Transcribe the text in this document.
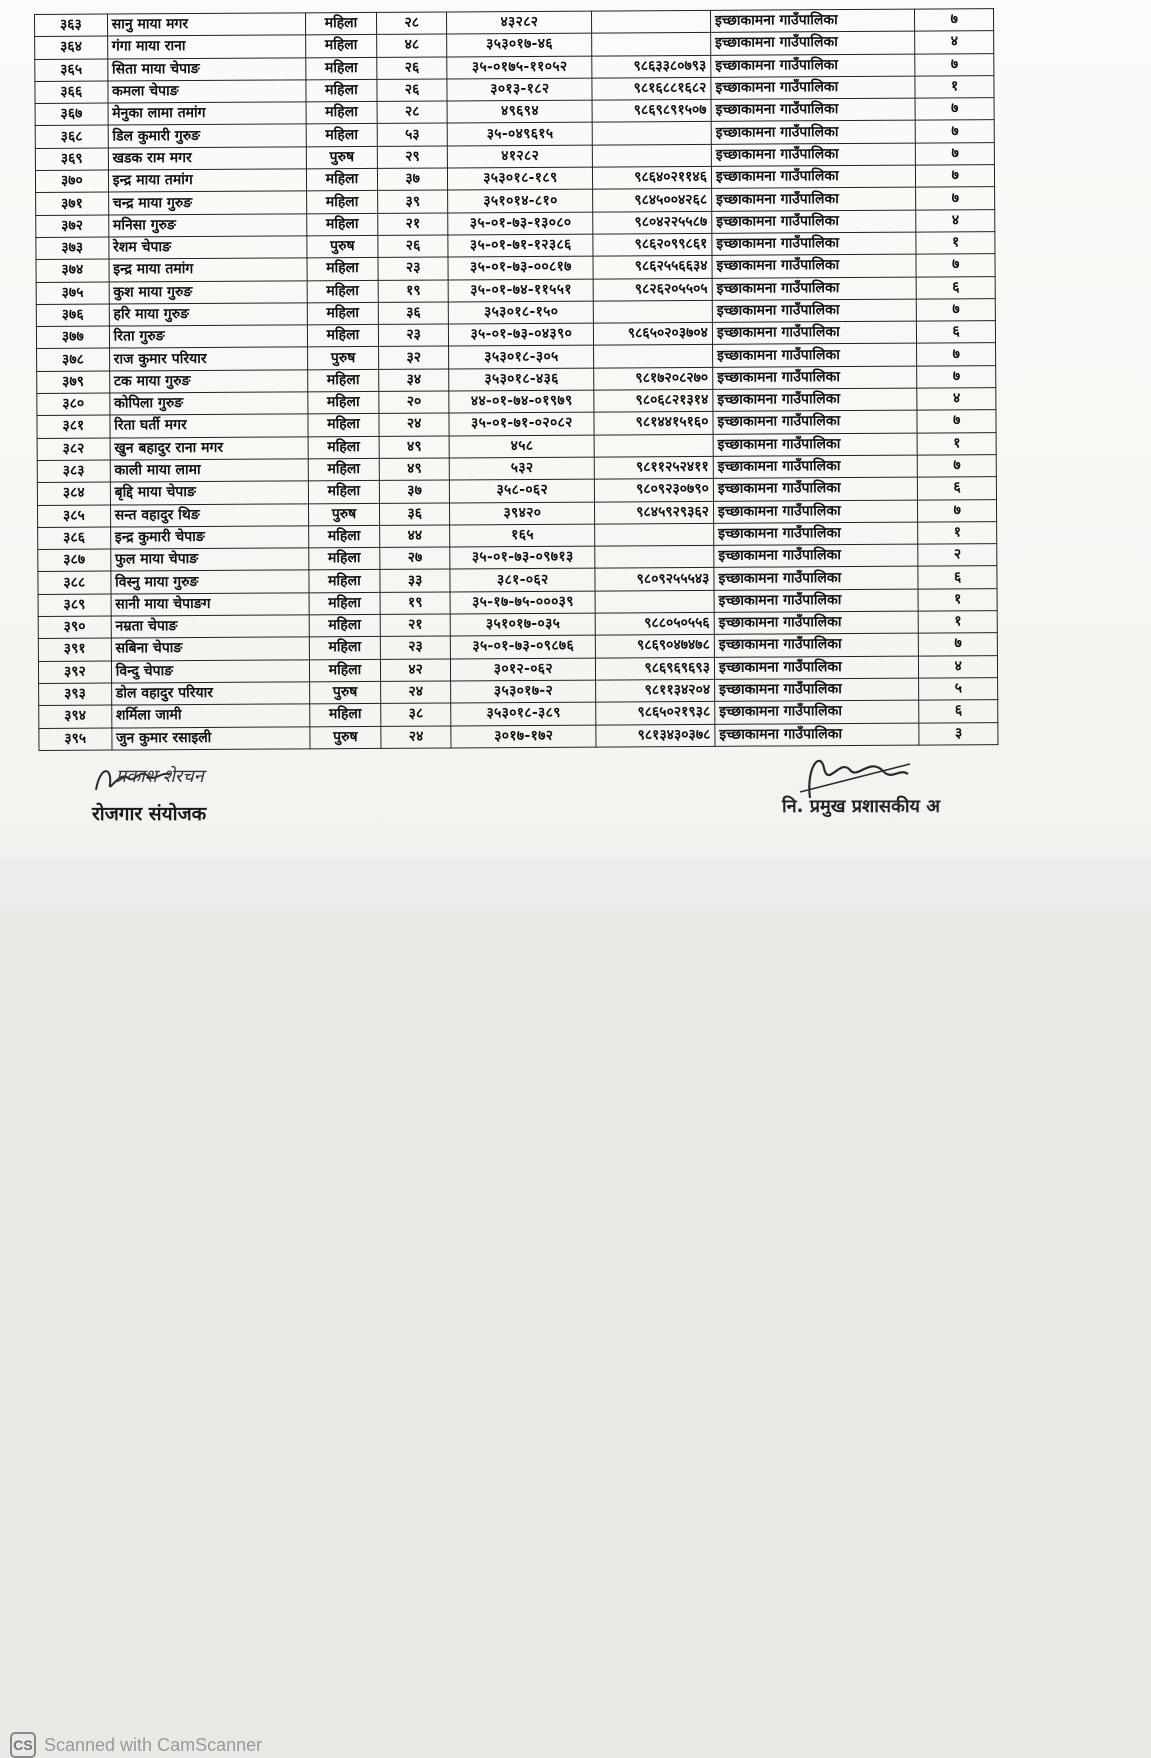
३६३	सानु माया मगर	महिला	२८	४३२८२		इच्छाकामना गाउँपालिका	७
३६४	गंगा माया राना	महिला	४८	३५३०१७-४६		इच्छाकामना गाउँपालिका	४
३६५	सिता माया चेपाङ	महिला	२६	३५-०१७५-११०५२	९८६३३८०७९३	इच्छाकामना गाउँपालिका	७
३६६	कमला चेपाङ	महिला	२६	३०१३-१८२	९८१६८८१६८२	इच्छाकामना गाउँपालिका	१
३६७	मेनुका लामा तमांग	महिला	२८	४९६९४	९८६९८९१५०७	इच्छाकामना गाउँपालिका	७
३६८	डिल कुमारी गुरुङ	महिला	५३	३५-०४९६१५		इच्छाकामना गाउँपालिका	७
३६९	खडक राम मगर	पुरुष	२९	४१२८२		इच्छाकामना गाउँपालिका	७
३७०	इन्द्र माया तमांग	महिला	३७	३५३०१८-१८९	९८६४०२११४६	इच्छाकामना गाउँपालिका	७
३७१	चन्द्र माया गुरुङ	महिला	३९	३५१०१४-८१०	९८४५००४२६८	इच्छाकामना गाउँपालिका	७
३७२	मनिसा गुरुङ	महिला	२१	३५-०१-७३-१३०८०	९८०४२२५५८७	इच्छाकामना गाउँपालिका	४
३७३	रेशम चेपाङ	पुरुष	२६	३५-०१-७१-१२३८६	९८६२०९९८६१	इच्छाकामना गाउँपालिका	१
३७४	इन्द्र माया तमांग	महिला	२३	३५-०१-७३-००८१७	९८६२५५६६३४	इच्छाकामना गाउँपालिका	७
३७५	कुश माया गुरुङ	महिला	१९	३५-०१-७४-११५५१	९८२६२०५५०५	इच्छाकामना गाउँपालिका	६
३७६	हरि माया गुरुङ	महिला	३६	३५३०१८-१५०		इच्छाकामना गाउँपालिका	७
३७७	रिता गुरुङ	महिला	२३	३५-०१-७३-०४३९०	९८६५०२०३७०४	इच्छाकामना गाउँपालिका	६
३७८	राज कुमार परियार	पुरुष	३२	३५३०१८-३०५		इच्छाकामना गाउँपालिका	७
३७९	टक माया गुरुङ	महिला	३४	३५३०१८-४३६	९८१७२०८२७०	इच्छाकामना गाउँपालिका	७
३८०	कोपिला गुरुङ	महिला	२०	४४-०१-७४-०१९७९	९८०६८२१३१४	इच्छाकामना गाउँपालिका	४
३८१	रिता घर्ती मगर	महिला	२४	३५-०१-७१-०२०८२	९८१४४१५१६०	इच्छाकामना गाउँपालिका	७
३८२	खुन बहादुर राना मगर	महिला	४९	४५८		इच्छाकामना गाउँपालिका	१
३८३	काली माया लामा	महिला	४९	५३२	९८११२५२४११	इच्छाकामना गाउँपालिका	७
३८४	बृद्दि माया चेपाङ	महिला	३७	३५८-०६२	९८०९२३०७९०	इच्छाकामना गाउँपालिका	६
३८५	सन्त वहादुर थिङ	पुरुष	३६	३९४२०	९८४५९२९३६२	इच्छाकामना गाउँपालिका	७
३८६	इन्द्र कुमारी चेपाङ	महिला	४४	१६५		इच्छाकामना गाउँपालिका	१
३८७	फुल माया चेपाङ	महिला	२७	३५-०१-७३-०९७१३		इच्छाकामना गाउँपालिका	२
३८८	विस्नु माया गुरुङ	महिला	३३	३८१-०६२	९८०९२५५५४३	इच्छाकामना गाउँपालिका	६
३८९	सानी माया चेपाङग	महिला	१९	३५-१७-७५-०००३९		इच्छाकामना गाउँपालिका	१
३९०	नम्रता चेपाङ	महिला	२१	३५१०१७-०३५	९८८०५०५५६	इच्छाकामना गाउँपालिका	१
३९१	सबिना चेपाङ	महिला	२३	३५-०१-७३-०९८७६	९८६९०४७४७८	इच्छाकामना गाउँपालिका	७
३९२	विन्दु चेपाङ	महिला	४२	३०१२-०६२	९८६९६९६९३	इच्छाकामना गाउँपालिका	४
३९३	डोल वहादुर परियार	पुरुष	२४	३५३०१७-२	९८११३४२०४	इच्छाकामना गाउँपालिका	५
३९४	शर्मिला जामी	महिला	३८	३५३०१८-३८९	९८६५०२१९३८	इच्छाकामना गाउँपालिका	६
३९५	जुन कुमार रसाइली	पुरुष	२४	३०१७-१७२	९८१३४३०३७८	इच्छाकामना गाउँपालिका	३
प्रकाश शेरचन
रोजगार संयोजक	नि. प्रमुख प्रशासकीय अ
CS Scanned with CamScanner
